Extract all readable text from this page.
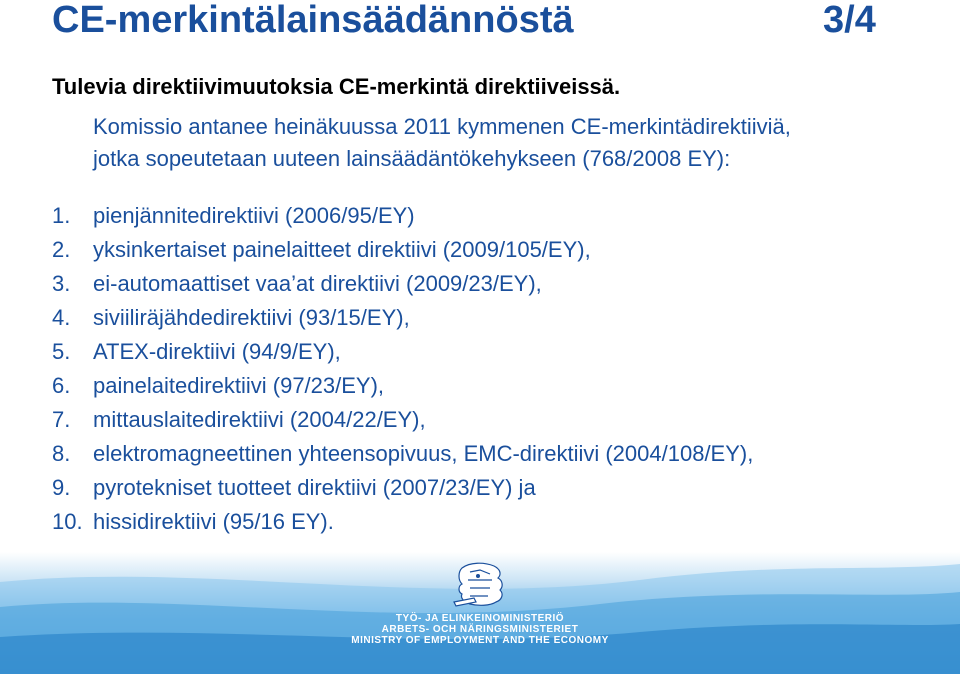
CE-merkintälainsäädännöstä	3/4
Tulevia direktiivimuutoksia CE-merkintä direktiiveissä.
Komissio antanee heinäkuussa 2011 kymmenen CE-merkintädirektiiviä,
jotka sopeutetaan uuteen lainsäädäntökehykseen (768/2008 EY):
1.	pienjännitedirektiivi (2006/95/EY)
2.	yksinkertaiset painelaitteet direktiivi (2009/105/EY),
3.	ei-automaattiset vaa’at direktiivi (2009/23/EY),
4.	siviiliräjähdedirektiivi (93/15/EY),
5.	ATEX-direktiivi (94/9/EY),
6.	painelaitedirektiivi (97/23/EY),
7.	mittauslaitedirektiivi (2004/22/EY),
8.	elektromagneettinen yhteensopivuus, EMC-direktiivi (2004/108/EY),
9.	pyrotekniset tuotteet direktiivi (2007/23/EY) ja
10. hissidirektiivi (95/16 EY).
TYÖ- JA ELINKEINOMINISTERIÖ
ARBETS- OCH NÄRINGSMINISTERIET
MINISTRY OF EMPLOYMENT AND THE ECONOMY
